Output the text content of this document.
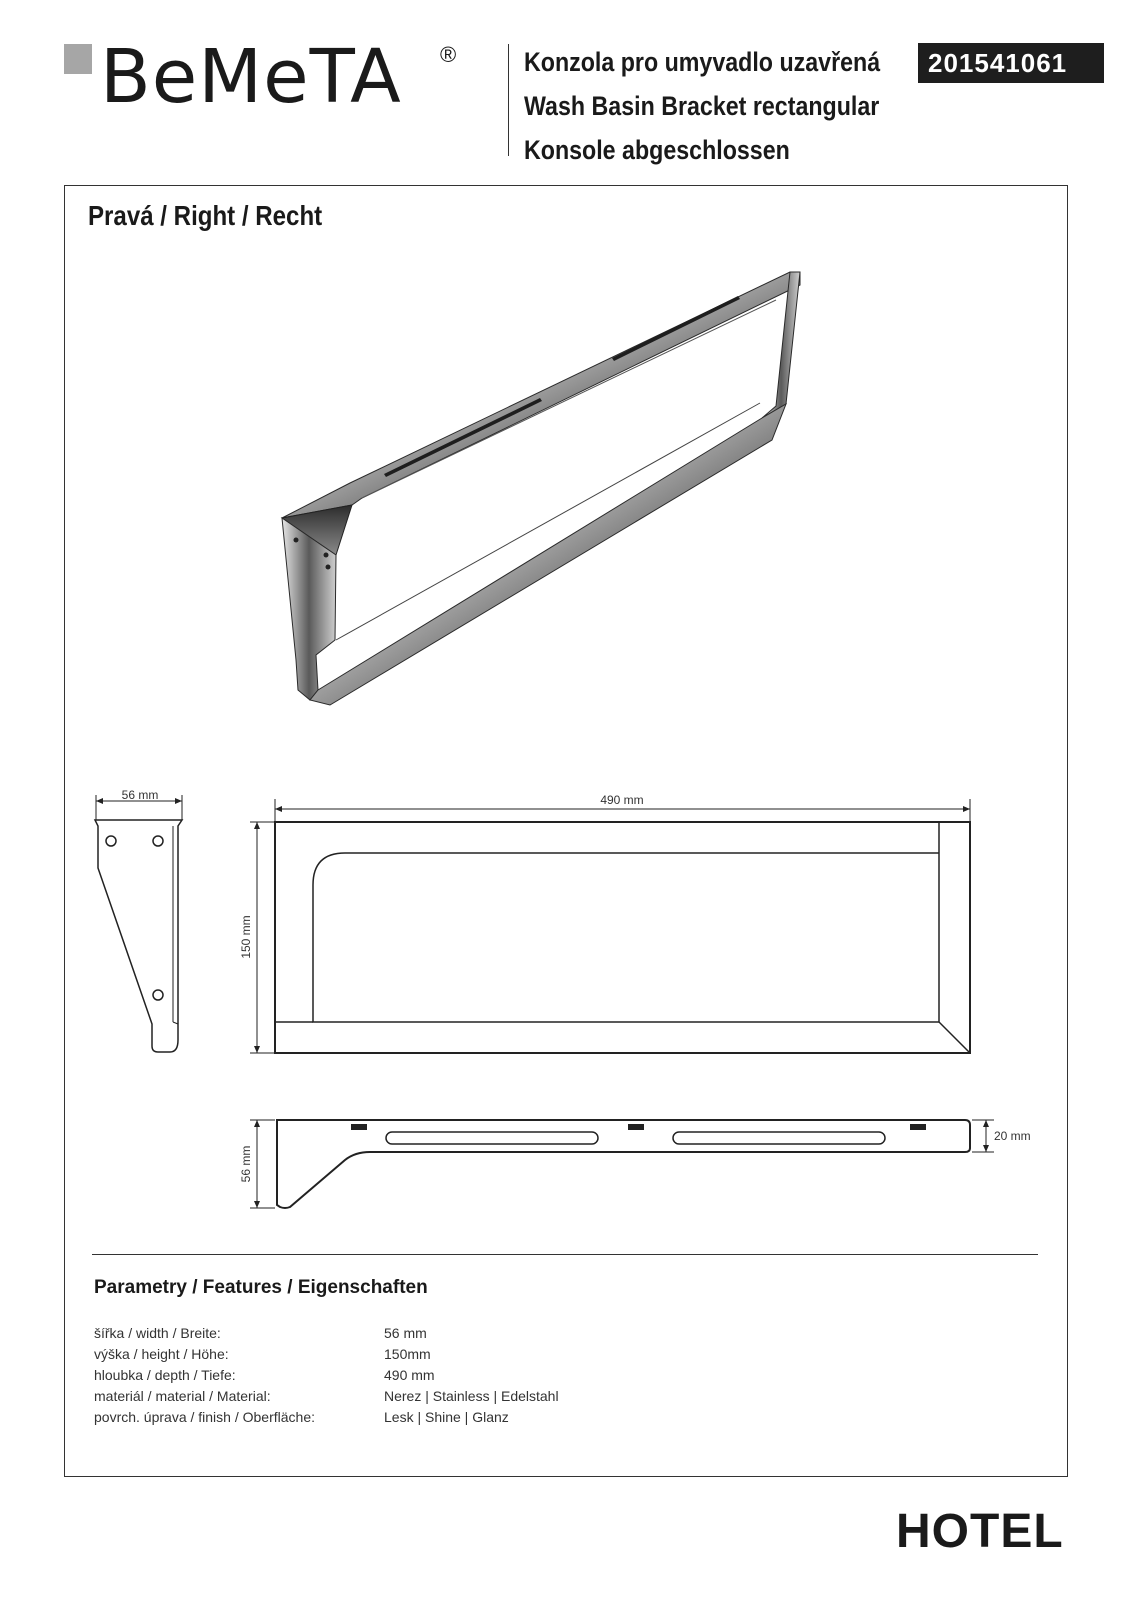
BeMeTA ®	Konzola pro umyvadlo uzavřená
Wash Basin Bracket rectangular
Konsole abgeschlossen
201541061
Pravá / Right / Recht
56 mm	490 mm
150 mm
56 mm
20 mm
Parametry / Features / Eigenschaften
šířka / width / Breite:	56 mm
výška / height / Höhe:	150mm
hloubka / depth / Tiefe:	490 mm
materiál / material / Material:	Nerez | Stainless | Edelstahl
povrch. úprava / finish / Oberfläche:	Lesk | Shine | Glanz
HOTEL
